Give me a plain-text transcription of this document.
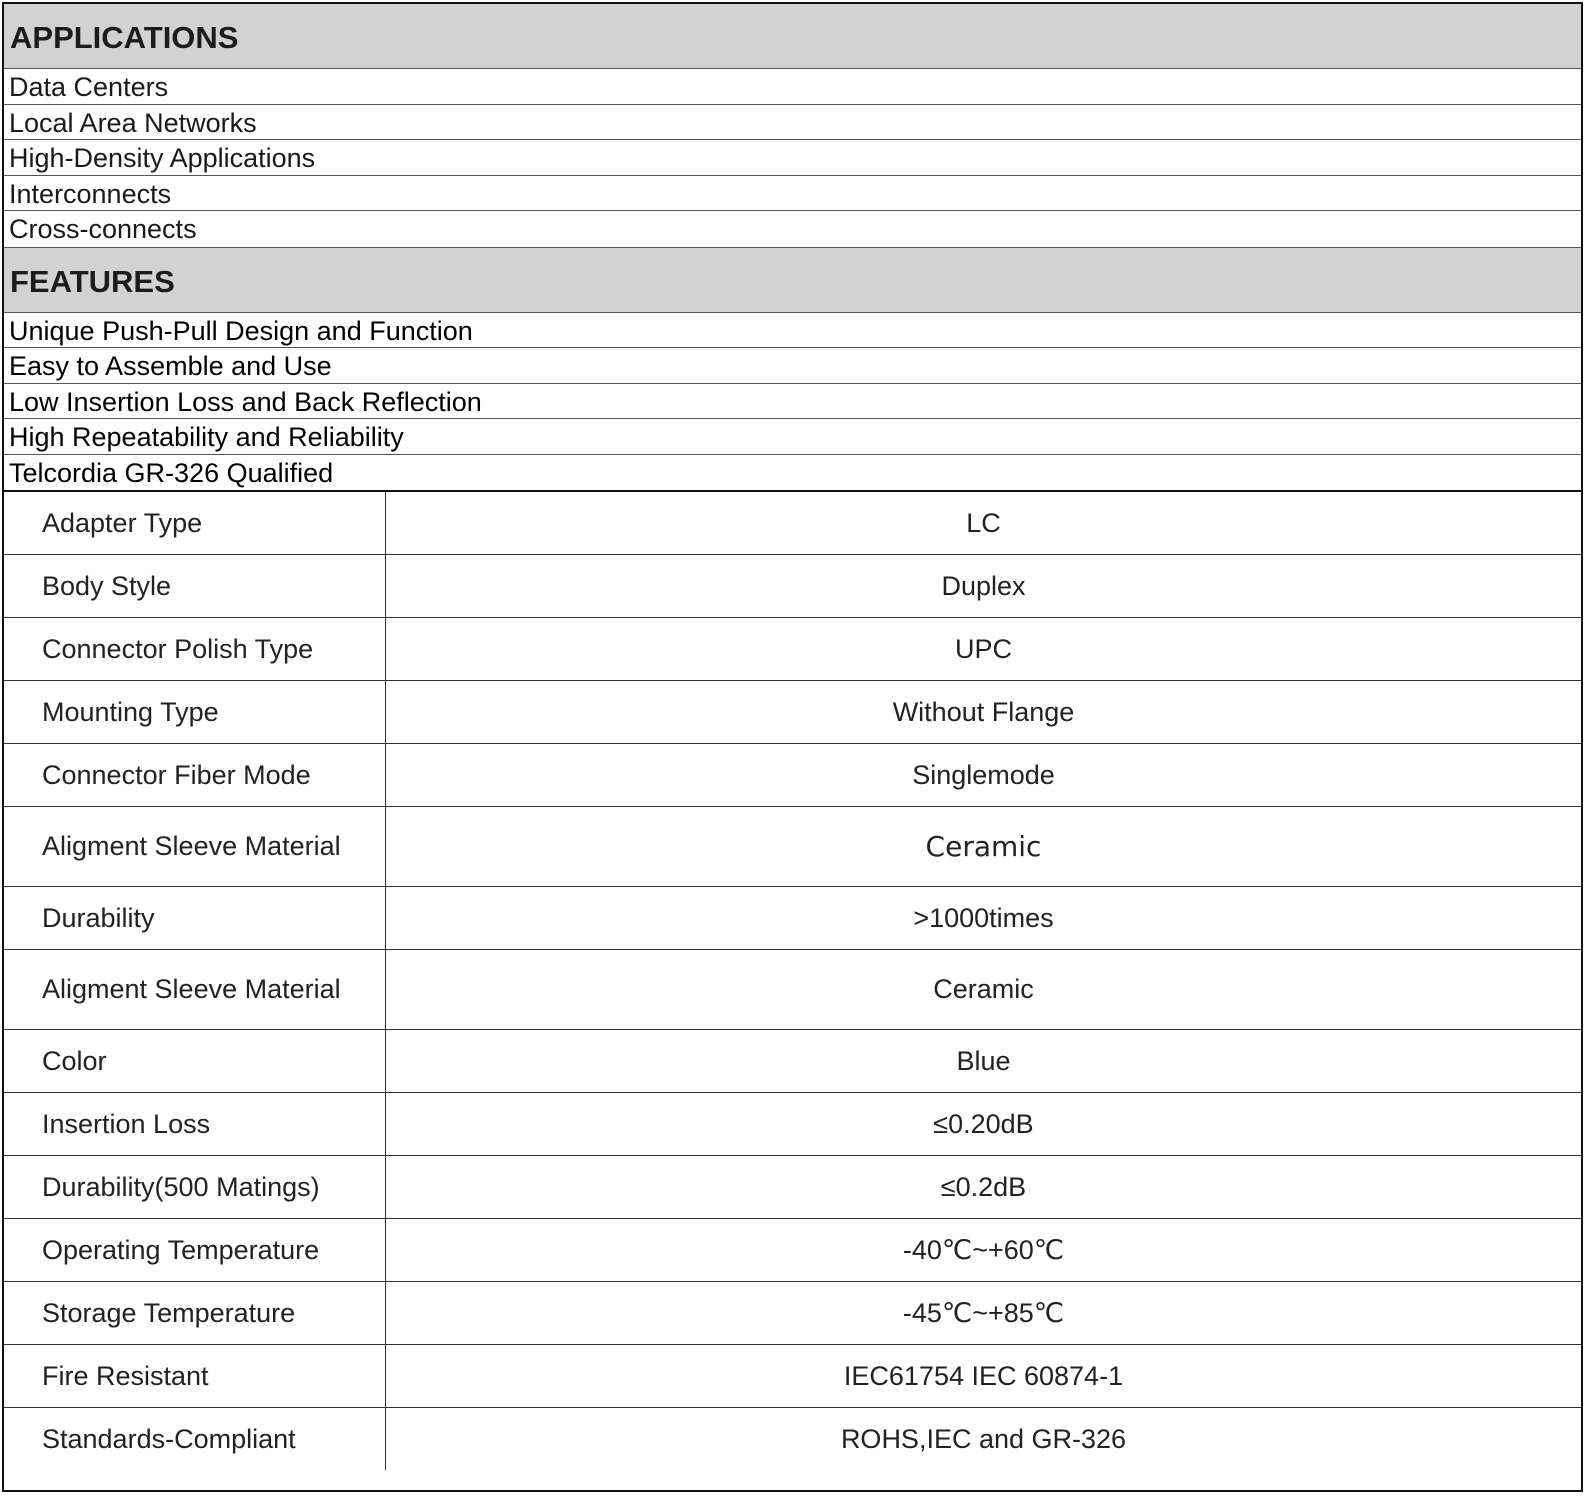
APPLICATIONS
Data Centers
Local Area Networks
High-Density Applications
Interconnects
Cross-connects
FEATURES
Unique Push-Pull Design and Function
Easy to Assemble and Use
Low Insertion Loss and Back Reflection
High Repeatability and Reliability
Telcordia GR-326 Qualified
Adapter Type	LC
Body Style	Duplex
Connector Polish Type	UPC
Mounting Type	Without Flange
Connector Fiber Mode	Singlemode
Aligment Sleeve Material	Ceramic
Durability	>1000times
Aligment Sleeve Material	Ceramic
Color	Blue
Insertion Loss	≤0.20dB
Durability(500 Matings)	≤0.2dB
Operating Temperature	-40℃~+60℃
Storage Temperature	-45℃~+85℃
Fire Resistant	IEC61754 IEC 60874-1
Standards-Compliant	ROHS,IEC and GR-326
